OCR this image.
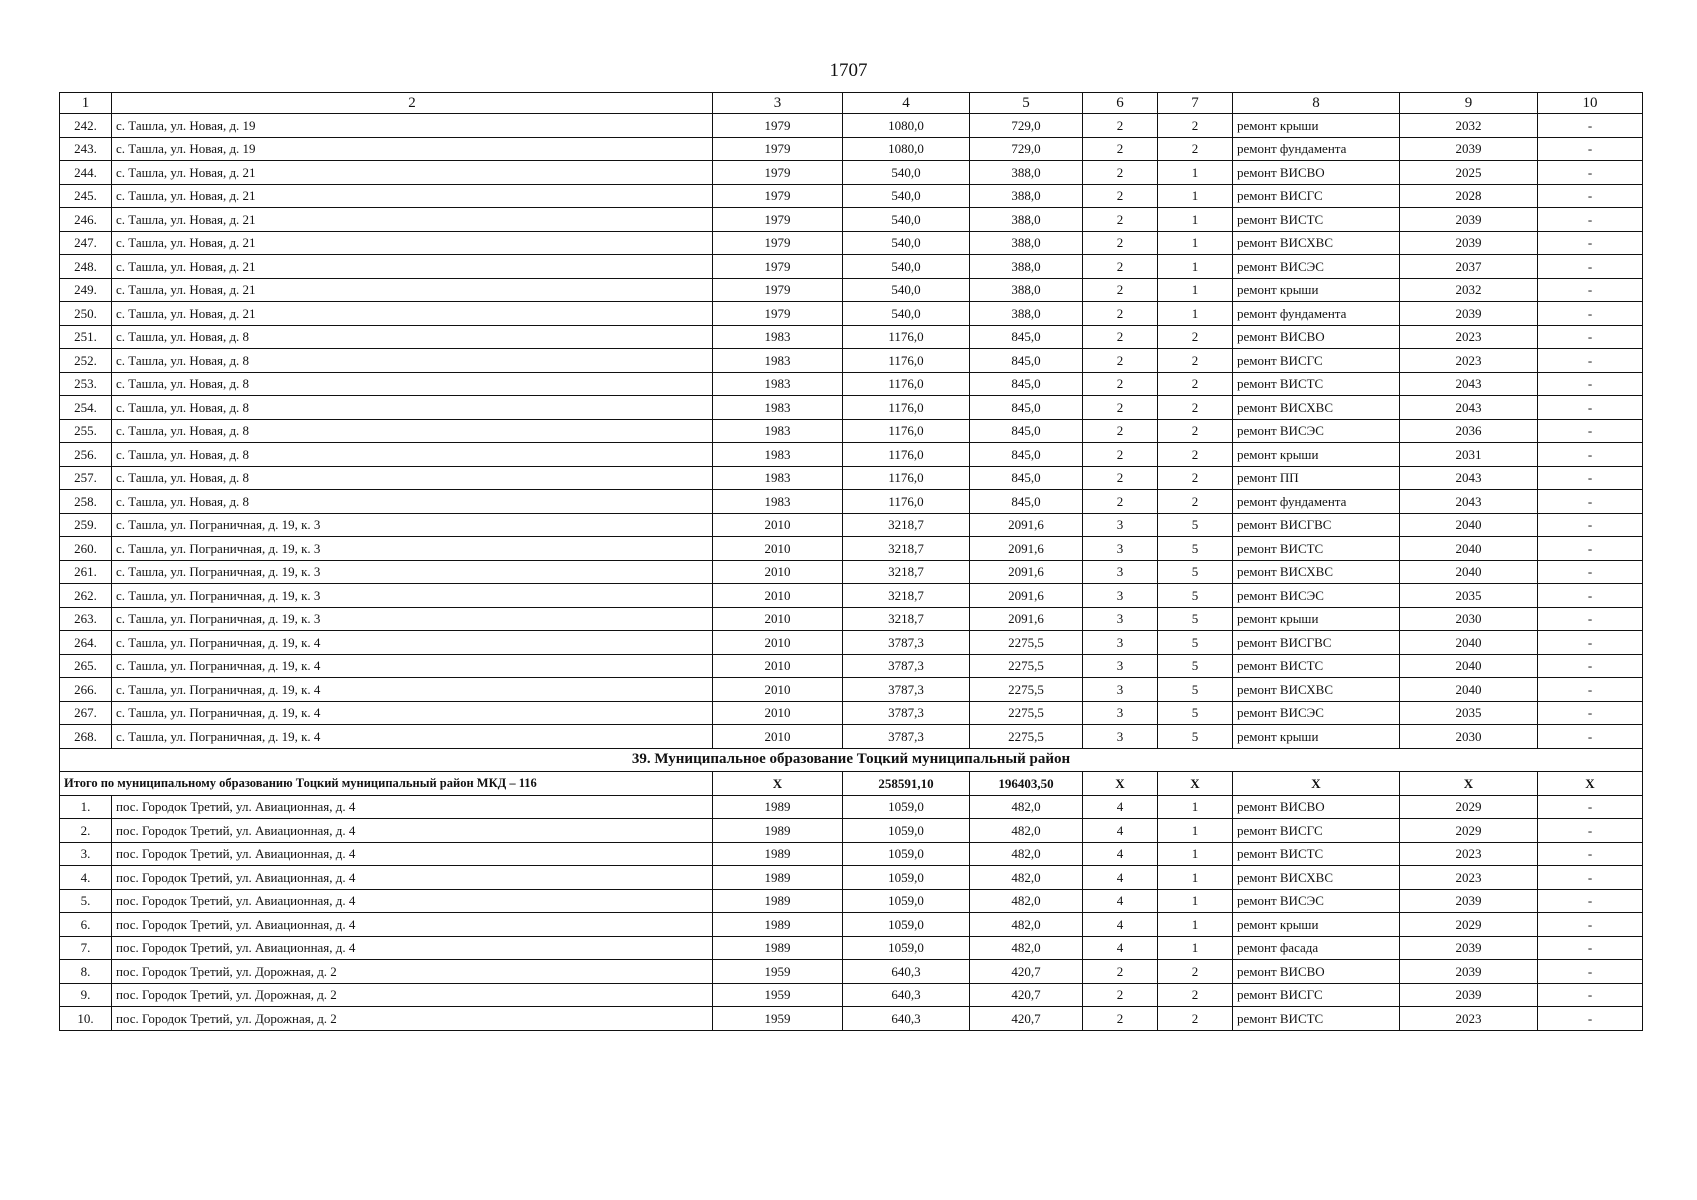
1707
1	2	3	4	5	6	7	8	9	10
242.	с. Ташла, ул. Новая, д. 19	1979	1080,0	729,0	2	2	ремонт крыши	2032	-
243.	с. Ташла, ул. Новая, д. 19	1979	1080,0	729,0	2	2	ремонт фундамента	2039	-
244.	с. Ташла, ул. Новая, д. 21	1979	540,0	388,0	2	1	ремонт ВИСВО	2025	-
245.	с. Ташла, ул. Новая, д. 21	1979	540,0	388,0	2	1	ремонт ВИСГС	2028	-
246.	с. Ташла, ул. Новая, д. 21	1979	540,0	388,0	2	1	ремонт ВИСТС	2039	-
247.	с. Ташла, ул. Новая, д. 21	1979	540,0	388,0	2	1	ремонт ВИСХВС	2039	-
248.	с. Ташла, ул. Новая, д. 21	1979	540,0	388,0	2	1	ремонт ВИСЭС	2037	-
249.	с. Ташла, ул. Новая, д. 21	1979	540,0	388,0	2	1	ремонт крыши	2032	-
250.	с. Ташла, ул. Новая, д. 21	1979	540,0	388,0	2	1	ремонт фундамента	2039	-
251.	с. Ташла, ул. Новая, д. 8	1983	1176,0	845,0	2	2	ремонт ВИСВО	2023	-
252.	с. Ташла, ул. Новая, д. 8	1983	1176,0	845,0	2	2	ремонт ВИСГС	2023	-
253.	с. Ташла, ул. Новая, д. 8	1983	1176,0	845,0	2	2	ремонт ВИСТС	2043	-
254.	с. Ташла, ул. Новая, д. 8	1983	1176,0	845,0	2	2	ремонт ВИСХВС	2043	-
255.	с. Ташла, ул. Новая, д. 8	1983	1176,0	845,0	2	2	ремонт ВИСЭС	2036	-
256.	с. Ташла, ул. Новая, д. 8	1983	1176,0	845,0	2	2	ремонт крыши	2031	-
257.	с. Ташла, ул. Новая, д. 8	1983	1176,0	845,0	2	2	ремонт ПП	2043	-
258.	с. Ташла, ул. Новая, д. 8	1983	1176,0	845,0	2	2	ремонт фундамента	2043	-
259.	с. Ташла, ул. Пограничная, д. 19, к. 3	2010	3218,7	2091,6	3	5	ремонт ВИСГВС	2040	-
260.	с. Ташла, ул. Пограничная, д. 19, к. 3	2010	3218,7	2091,6	3	5	ремонт ВИСТС	2040	-
261.	с. Ташла, ул. Пограничная, д. 19, к. 3	2010	3218,7	2091,6	3	5	ремонт ВИСХВС	2040	-
262.	с. Ташла, ул. Пограничная, д. 19, к. 3	2010	3218,7	2091,6	3	5	ремонт ВИСЭС	2035	-
263.	с. Ташла, ул. Пограничная, д. 19, к. 3	2010	3218,7	2091,6	3	5	ремонт крыши	2030	-
264.	с. Ташла, ул. Пограничная, д. 19, к. 4	2010	3787,3	2275,5	3	5	ремонт ВИСГВС	2040	-
265.	с. Ташла, ул. Пограничная, д. 19, к. 4	2010	3787,3	2275,5	3	5	ремонт ВИСТС	2040	-
266.	с. Ташла, ул. Пограничная, д. 19, к. 4	2010	3787,3	2275,5	3	5	ремонт ВИСХВС	2040	-
267.	с. Ташла, ул. Пограничная, д. 19, к. 4	2010	3787,3	2275,5	3	5	ремонт ВИСЭС	2035	-
268.	с. Ташла, ул. Пограничная, д. 19, к. 4	2010	3787,3	2275,5	3	5	ремонт крыши	2030	-
39. Муниципальное образование Тоцкий муниципальный район									
Итого по муниципальному образованию Тоцкий муниципальный район МКД – 116		X	258591,10	196403,50	X	X	X	X	X
1.	пос. Городок Третий, ул. Авиационная, д. 4	1989	1059,0	482,0	4	1	ремонт ВИСВО	2029	-
2.	пос. Городок Третий, ул. Авиационная, д. 4	1989	1059,0	482,0	4	1	ремонт ВИСГС	2029	-
3.	пос. Городок Третий, ул. Авиационная, д. 4	1989	1059,0	482,0	4	1	ремонт ВИСТС	2023	-
4.	пос. Городок Третий, ул. Авиационная, д. 4	1989	1059,0	482,0	4	1	ремонт ВИСХВС	2023	-
5.	пос. Городок Третий, ул. Авиационная, д. 4	1989	1059,0	482,0	4	1	ремонт ВИСЭС	2039	-
6.	пос. Городок Третий, ул. Авиационная, д. 4	1989	1059,0	482,0	4	1	ремонт крыши	2029	-
7.	пос. Городок Третий, ул. Авиационная, д. 4	1989	1059,0	482,0	4	1	ремонт фасада	2039	-
8.	пос. Городок Третий, ул. Дорожная, д. 2	1959	640,3	420,7	2	2	ремонт ВИСВО	2039	-
9.	пос. Городок Третий, ул. Дорожная, д. 2	1959	640,3	420,7	2	2	ремонт ВИСГС	2039	-
10.	пос. Городок Третий, ул. Дорожная, д. 2	1959	640,3	420,7	2	2	ремонт ВИСТС	2023	-
